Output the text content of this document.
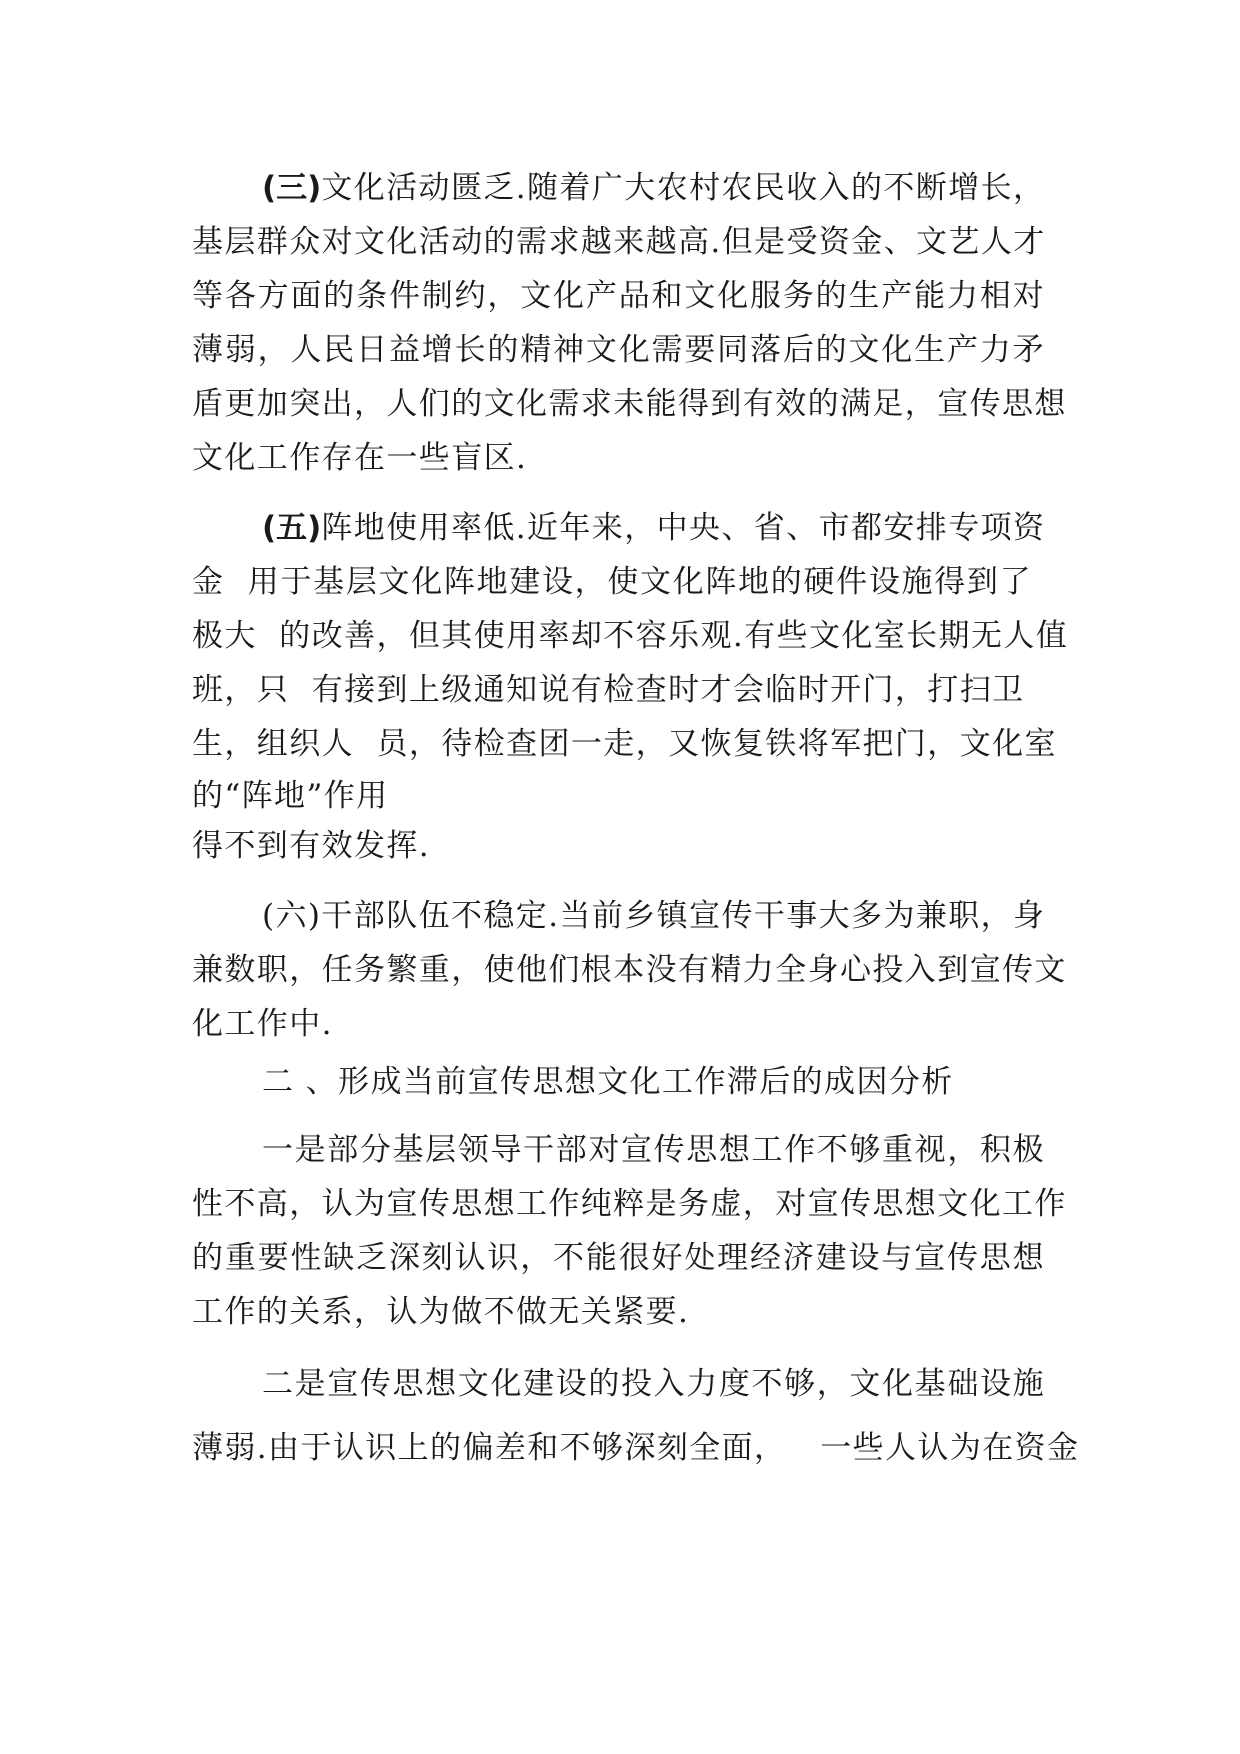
(三)文化活动匮乏.随着广大农村农民收入的不断增长，

基层群众对文化活动的需求越来越高.但是受资金、文艺人才

等各方面的条件制约，文化产品和文化服务的生产能力相对

薄弱，人民日益增长的精神文化需要同落后的文化生产力矛

盾更加突出，人们的文化需求未能得到有效的满足，宣传思想

文化工作存在一些盲区.

(五)阵地使用率低.近年来，中央、省、市都安排专项资

金  用于基层文化阵地建设，使文化阵地的硬件设施得到了

极大  的改善，但其使用率却不容乐观.有些文化室长期无人值

班，只  有接到上级通知说有检查时才会临时开门，打扫卫

生，组织人  员，待检查团一走，又恢复铁将军把门，文化室

的“阵地”作用

得不到有效发挥.

(六)干部队伍不稳定.当前乡镇宣传干事大多为兼职，身

兼数职，任务繁重，使他们根本没有精力全身心投入到宣传文

化工作中.

二 、形成当前宣传思想文化工作滞后的成因分析

一是部分基层领导干部对宣传思想工作不够重视，积极

性不高，认为宣传思想工作纯粹是务虚，对宣传思想文化工作

的重要性缺乏深刻认识，不能很好处理经济建设与宣传思想

工作的关系，认为做不做无关紧要.

二是宣传思想文化建设的投入力度不够，文化基础设施

薄弱.由于认识上的偏差和不够深刻全面，   一些人认为在资金
